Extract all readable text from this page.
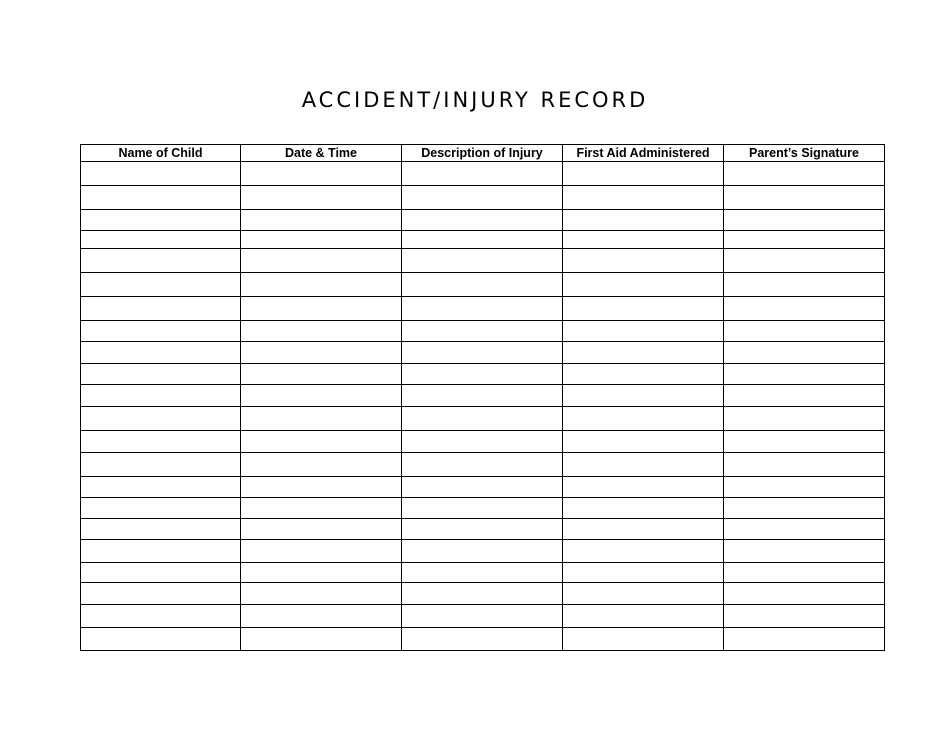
ACCIDENT/INJURY RECORD
Name of Child	Date & Time	Description of Injury	First Aid Administered	Parent’s Signature
